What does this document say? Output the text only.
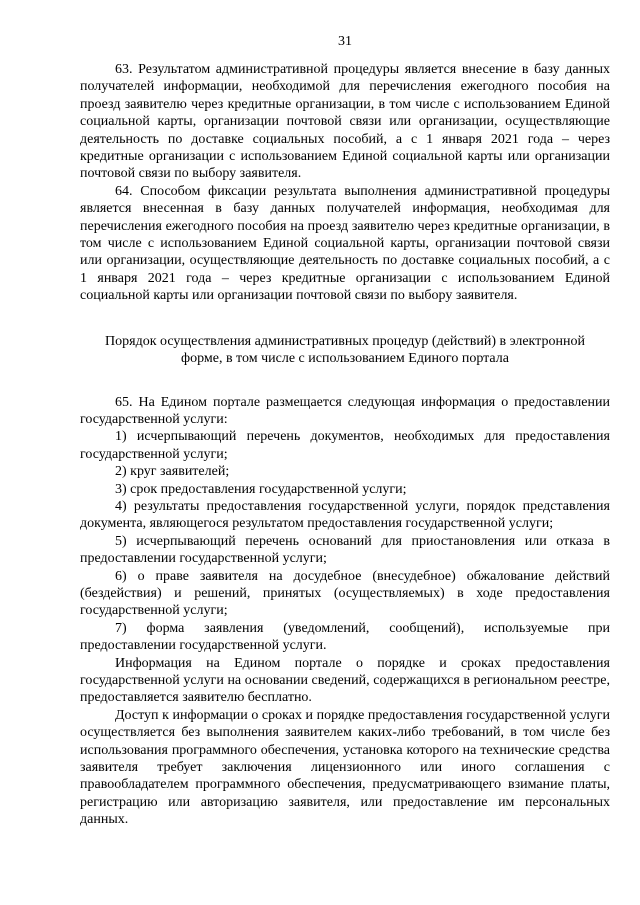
31

63. Результатом административной процедуры является внесение в базу данных получателей информации, необходимой для перечисления ежегодного пособия на проезд заявителю через кредитные организации, в том числе с использованием Единой социальной карты, организации почтовой связи или организации, осуществляющие деятельность по доставке социальных пособий, а с 1 января 2021 года – через кредитные организации с использованием Единой социальной карты или организации почтовой связи по выбору заявителя.

64. Способом фиксации результата выполнения административной процедуры является внесенная в базу данных получателей информация, необходимая для перечисления ежегодного пособия на проезд заявителю через кредитные организации, в том числе с использованием Единой социальной карты, организации почтовой связи или организации, осуществляющие деятельность по доставке социальных пособий, а с 1 января 2021 года – через кредитные организации с использованием Единой социальной карты или организации почтовой связи по выбору заявителя.

Порядок осуществления административных процедур (действий) в электронной форме, в том числе с использованием Единого портала

65. На Едином портале размещается следующая информация о предоставлении государственной услуги:

1) исчерпывающий перечень документов, необходимых для предоставления государственной услуги;

2) круг заявителей;

3) срок предоставления государственной услуги;

4) результаты предоставления государственной услуги, порядок представления документа, являющегося результатом предоставления государственной услуги;

5) исчерпывающий перечень оснований для приостановления или отказа в предоставлении государственной услуги;

6) о праве заявителя на досудебное (внесудебное) обжалование действий (бездействия) и решений, принятых (осуществляемых) в ходе предоставления государственной услуги;

7) форма заявления (уведомлений, сообщений), используемые при предоставлении государственной услуги.

Информация на Едином портале о порядке и сроках предоставления государственной услуги на основании сведений, содержащихся в региональном реестре, предоставляется заявителю бесплатно.

Доступ к информации о сроках и порядке предоставления государственной услуги осуществляется без выполнения заявителем каких-либо требований, в том числе без использования программного обеспечения, установка которого на технические средства заявителя требует заключения лицензионного или иного соглашения с правообладателем программного обеспечения, предусматривающего взимание платы, регистрацию или авторизацию заявителя, или предоставление им персональных данных.
